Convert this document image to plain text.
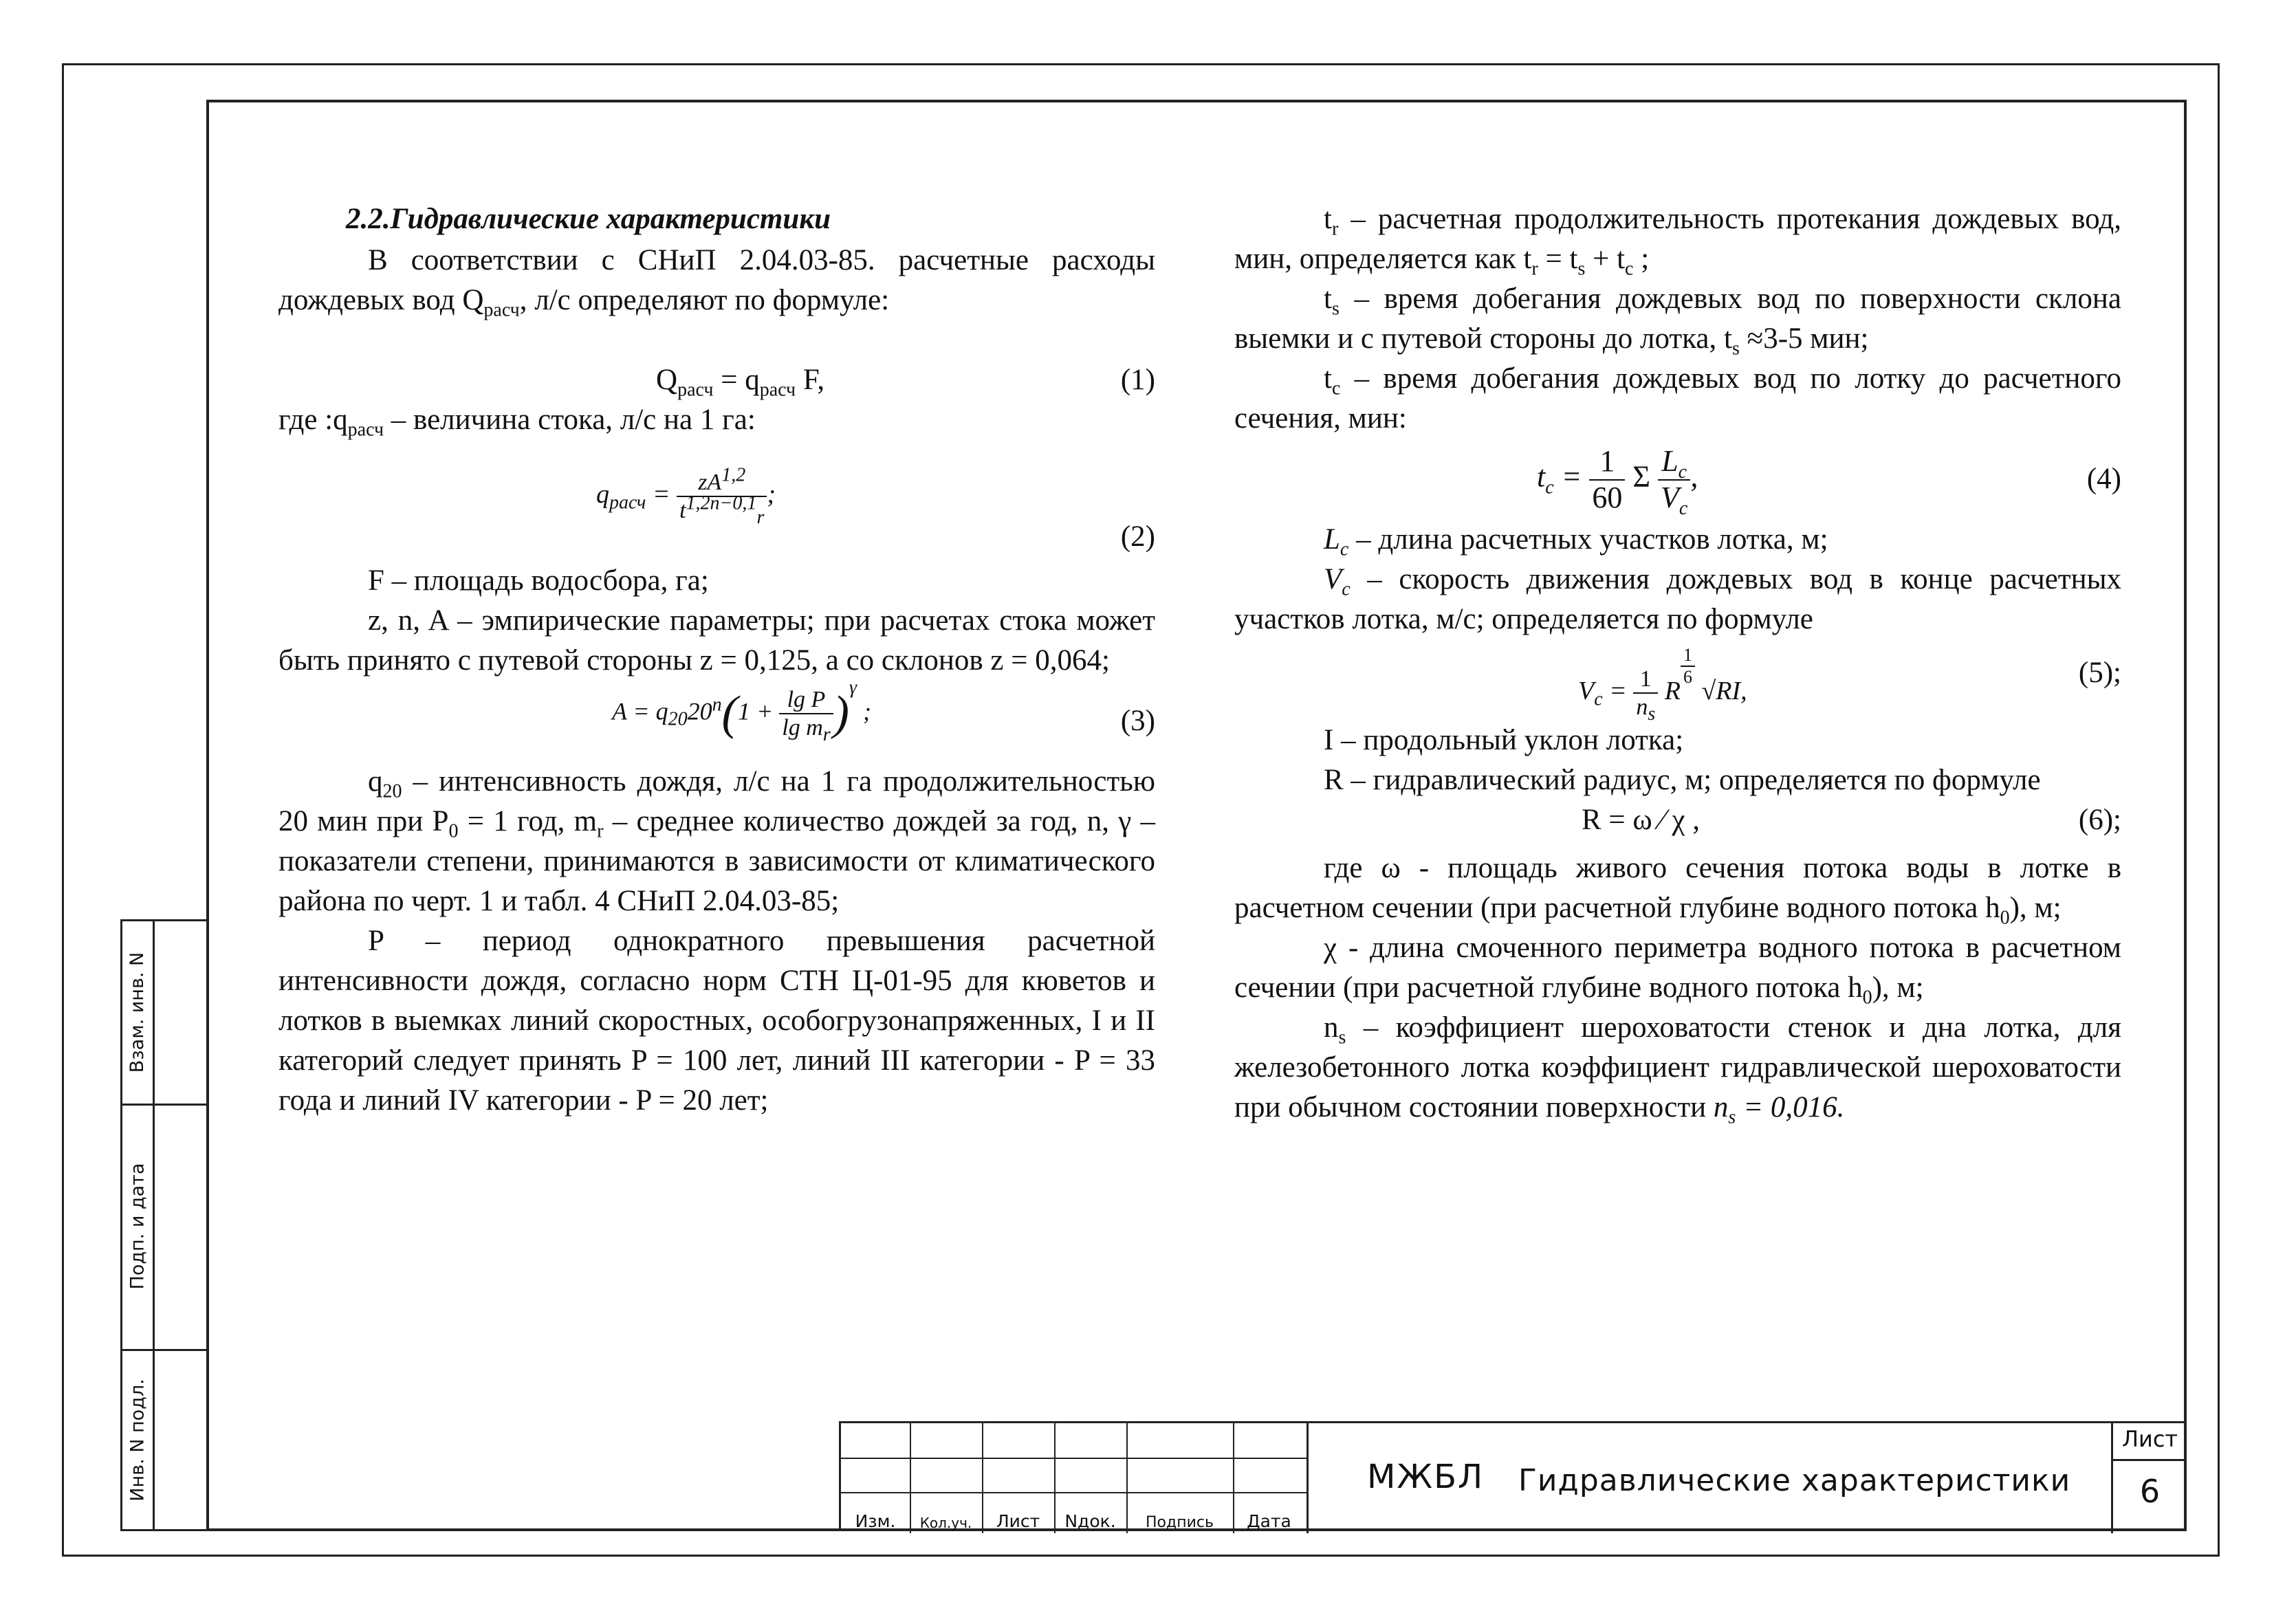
Взам. инв. N
Подп. и дата
Инв. N подл.

2.2.Гидравлические характеристики

В соответствии с СНиП 2.04.03-85. расчетные расходы дождевых вод $Q_{расч}$, л/с определяют по формуле:

$Q_{расч} = q_{расч}$ F,	(1)

где $:q_{расч}$ – величина стока, л/с на 1 га:

$q_{расч} = \frac{zA^{1,2}}{t^{1,2n-0,1}_r}$ ;
(2)

F – площадь водосбора, га;

z, n, A – эмпирические параметры; при расчетах стока может быть принято с путевой стороны z = 0,125, а со склонов z = 0,064;

$A = q_{20}20^n(1 + \frac{\text{lg P}}{\lg m_r} )^\gamma$ ;	(3)

$q_{20}$ – интенсивность дождя, л/с на 1 га продолжительностью 20 мин при $P_0 = 1$ год, $m_r$ – среднее количество дождей за год, n, γ – показатели степени, принимаются в зависимости от климатического района по черт. 1 и табл. 4 СНиП 2.04.03-85;

P – период однократного превышения расчетной интенсивности дождя, согласно норм СТН Ц-01-95 для кюветов и лотков в выемках линий скоростных, особогрузонапряженных, I и II категорий следует принять P = 100 лет, линий III категории - P = 33 года и линий IV категории - P = 20 лет;

$t_r$ – расчетная продолжительность протекания дождевых вод, мин, определяется как $t_r = t_s + t_c$ ;

$t_s$ – время добегания дождевых вод по поверхности склона выемки и с путевой стороны до лотка, $t_s \approx 3-5$ мин;

$t_c$ – время добегания дождевых вод по лотку до расчетного сечения, мин:

$t_c = \frac{1}{60}$ Σ $\frac{L_c}{V_c}$ ,	(4)

$L_c$ – длина расчетных участков лотка, м;

$V_c$ – скорость движения дождевых вод в конце расчетных участков лотка, м/с; определяется по формуле

$V_c = \frac{1}{n_s}$ R
$\frac{1}{6}$
√RI,
(5);

I – продольный уклон лотка;

R – гидравлический радиус, м; определяется по формуле

R = ω ⁄ χ ,	(6);

где ω - площадь живого сечения потока воды в лотке в расчетном сечении (при расчетной глубине водного потока $h_0$), м;

χ - длина смоченного периметра водного потока в расчетном сечении (при расчетной глубине водного потока $h_0$), м;

$n_s$ – коэффициент шероховатости стенок и дна лотка, для железобетонного лотка коэффициент гидравлической шероховатости при обычном состоянии поверхности $n_s = 0,016$.

Изм.	Кол.уч.	Лист	Nдок.	Подпись	Дата
МЖБЛ Гидравлические характеристики
Лист
6
